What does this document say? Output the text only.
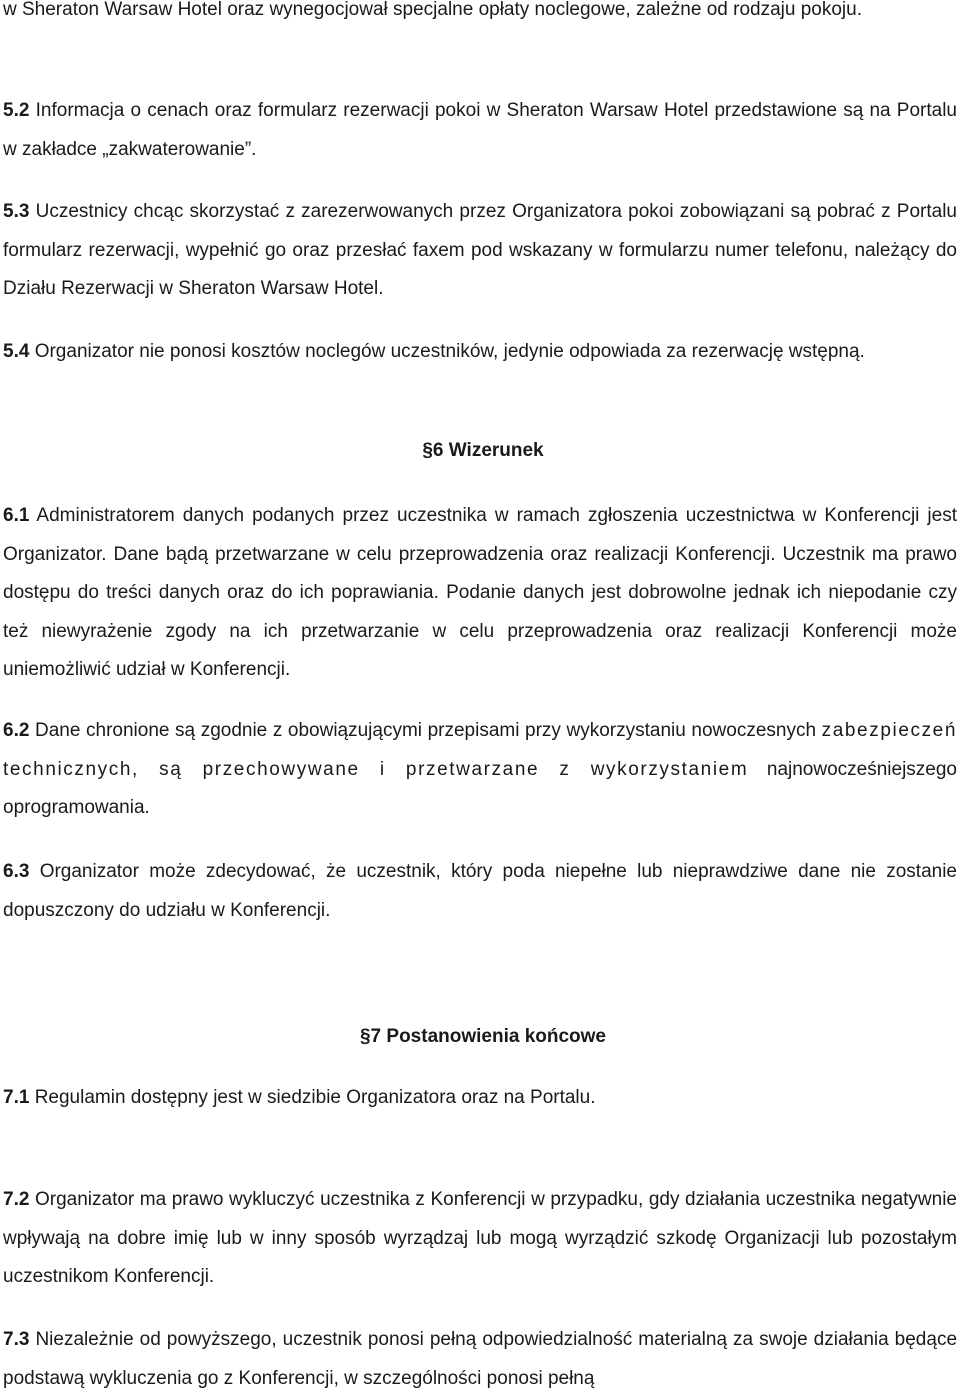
w Sheraton Warsaw Hotel oraz wynegocjował specjalne opłaty noclegowe, zależne od rodzaju pokoju.

5.2 Informacja o cenach oraz formularz rezerwacji pokoi w Sheraton Warsaw Hotel przedstawione są na Portalu w zakładce „zakwaterowanie”.

5.3 Uczestnicy chcąc skorzystać z zarezerwowanych przez Organizatora pokoi zobowiązani są pobrać z Portalu formularz rezerwacji, wypełnić go oraz przesłać faxem pod wskazany w formularzu numer telefonu, należący do Działu Rezerwacji w Sheraton Warsaw Hotel.

5.4 Organizator nie ponosi kosztów noclegów uczestników, jedynie odpowiada za rezerwację wstępną.

§6 Wizerunek

6.1 Administratorem danych podanych przez uczestnika w ramach zgłoszenia uczestnictwa w Konferencji jest Organizator. Dane bądą przetwarzane w celu przeprowadzenia oraz realizacji Konferencji. Uczestnik ma prawo dostępu do treści danych oraz do ich poprawiania. Podanie danych jest dobrowolne jednak ich niepodanie czy też niewyrażenie zgody na ich przetwarzanie w celu przeprowadzenia oraz realizacji Konferencji może uniemożliwić udział w Konferencji.

6.2 Dane chronione są zgodnie z obowiązującymi przepisami przy wykorzystaniu nowoczesnych zabezpieczeń technicznych, są przechowywane i przetwarzane z wykorzystaniem najnowocześniejszego oprogramowania.

6.3 Organizator może zdecydować, że uczestnik, który poda niepełne lub nieprawdziwe dane nie zostanie dopuszczony do udziału w Konferencji.

§7 Postanowienia końcowe

7.1 Regulamin dostępny jest w siedzibie Organizatora oraz na Portalu.

7.2 Organizator ma prawo wykluczyć uczestnika z Konferencji w przypadku, gdy działania uczestnika negatywnie wpływają na dobre imię lub w inny sposób wyrządzaj lub mogą wyrządzić szkodę Organizacji lub pozostałym uczestnikom Konferencji.

7.3 Niezależnie od powyższego, uczestnik ponosi pełną odpowiedzialność materialną za swoje działania będące podstawą wykluczenia go z Konferencji, w szczególności ponosi pełną
